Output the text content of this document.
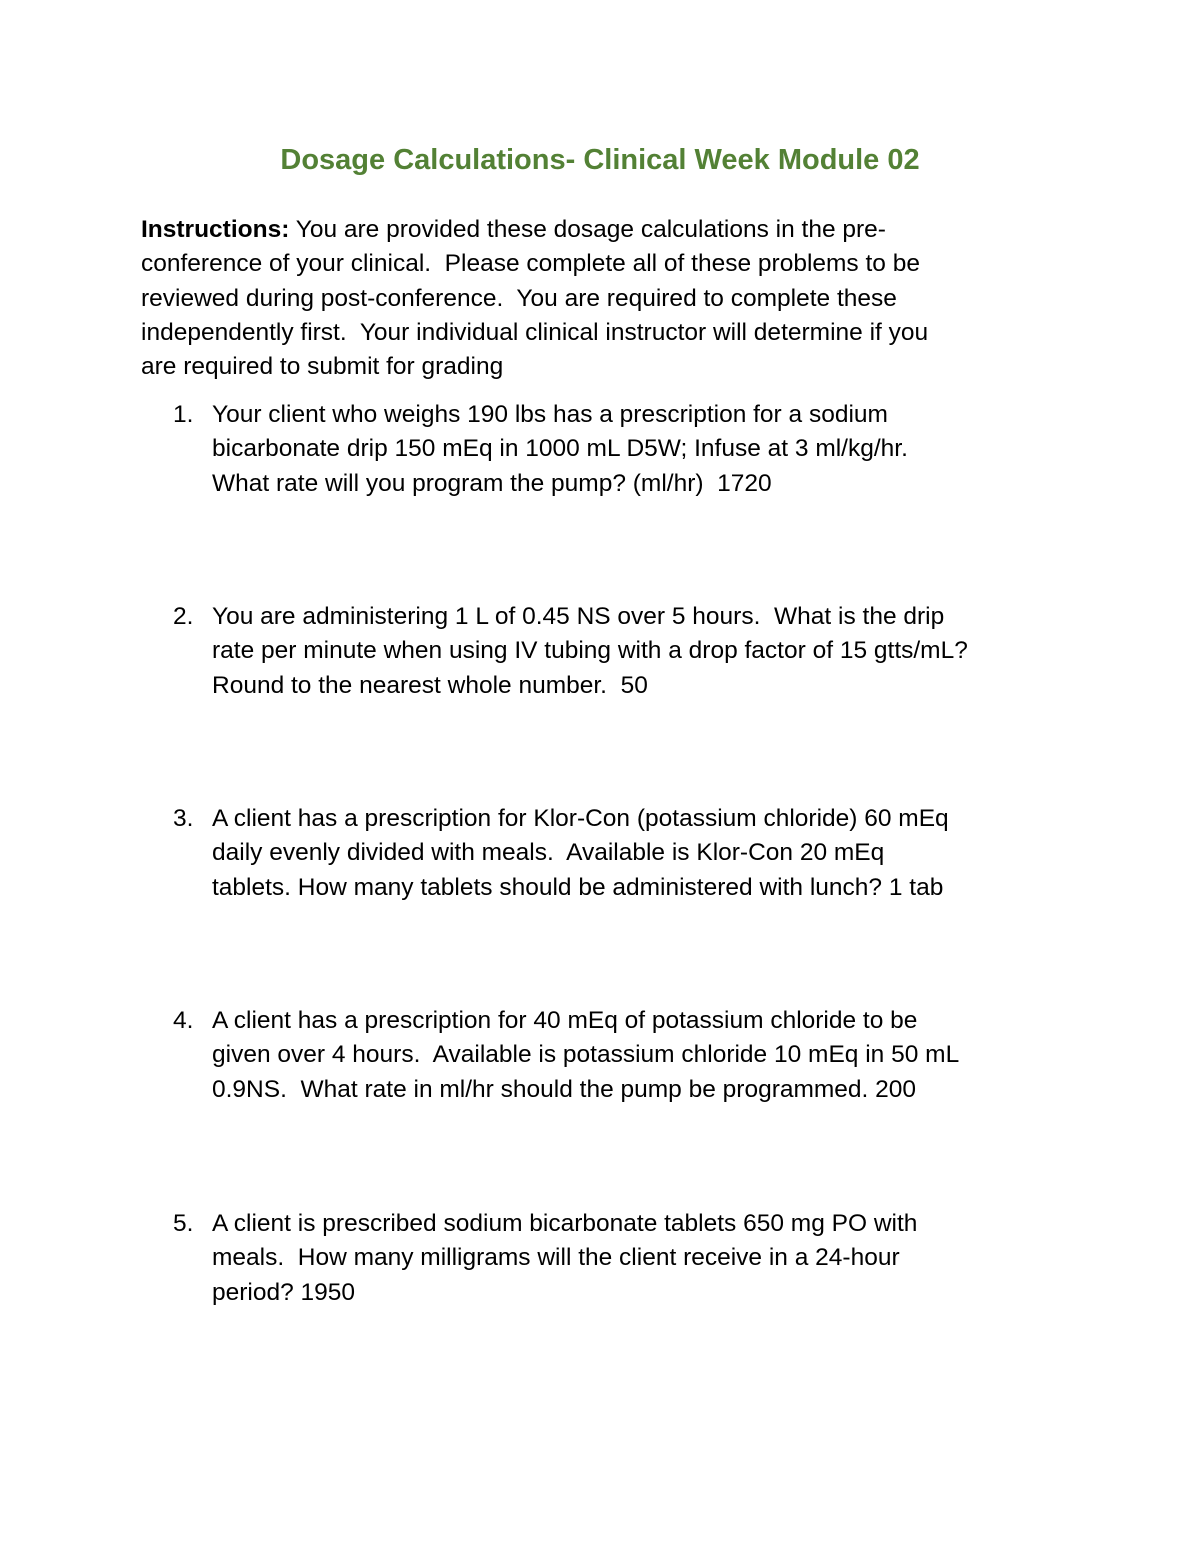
Dosage Calculations- Clinical Week Module 02

Instructions: You are provided these dosage calculations in the pre-
conference of your clinical.  Please complete all of these problems to be
reviewed during post-conference.  You are required to complete these
independently first.  Your individual clinical instructor will determine if you
are required to submit for grading

1. Your client who weighs 190 lbs has a prescription for a sodium
bicarbonate drip 150 mEq in 1000 mL D5W; Infuse at 3 ml/kg/hr.
What rate will you program the pump? (ml/hr)  1720
2. You are administering 1 L of 0.45 NS over 5 hours.  What is the drip
rate per minute when using IV tubing with a drop factor of 15 gtts/mL?
Round to the nearest whole number.  50
3. A client has a prescription for Klor-Con (potassium chloride) 60 mEq
daily evenly divided with meals.  Available is Klor-Con 20 mEq
tablets. How many tablets should be administered with lunch? 1 tab
4. A client has a prescription for 40 mEq of potassium chloride to be
given over 4 hours.  Available is potassium chloride 10 mEq in 50 mL
0.9NS.  What rate in ml/hr should the pump be programmed. 200
5. A client is prescribed sodium bicarbonate tablets 650 mg PO with
meals.  How many milligrams will the client receive in a 24-hour
period? 1950
